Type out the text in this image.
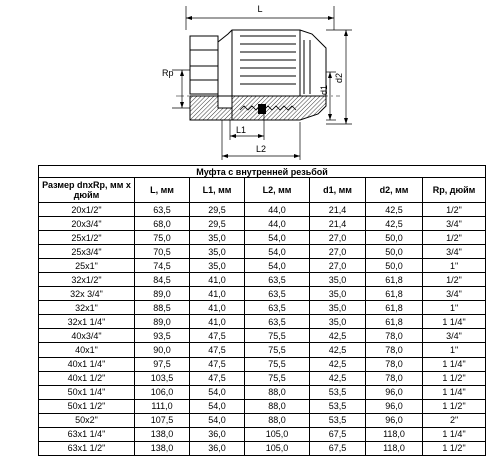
L
Rp
d1
d2
L1
L2
Муфта с внутренней резьбой						
Размер dnxRp, мм x дюйм	L, мм	L1, мм	L2, мм	d1, мм	d2, мм	Rp, дюйм
20x1/2"	63,5	29,5	44,0	21,4	42,5	1/2"
20x3/4"	68,0	29,5	44,0	21,4	42,5	3/4"
25x1/2"	75,0	35,0	54,0	27,0	50,0	1/2"
25x3/4"	70,5	35,0	54,0	27,0	50,0	3/4"
25x1"	74,5	35,0	54,0	27,0	50,0	1"
32x1/2"	84,5	41,0	63,5	35,0	61,8	1/2"
32x 3/4"	89,0	41,0	63,5	35,0	61,8	3/4"
32x1"	88,5	41,0	63,5	35,0	61,8	1"
32x1 1/4"	89,0	41,0	63,5	35,0	61,8	1 1/4"
40x3/4"	93,5	47,5	75,5	42,5	78,0	3/4"
40x1"	90,0	47,5	75,5	42,5	78,0	1"
40x1 1/4"	97,5	47,5	75,5	42,5	78,0	1 1/4"
40x1 1/2"	103,5	47,5	75,5	42,5	78,0	1 1/2"
50x1 1/4"	106,0	54,0	88,0	53,5	96,0	1 1/4"
50x1 1/2"	111,0	54,0	88,0	53,5	96,0	1 1/2"
50x2"	107,5	54,0	88,0	53,5	96,0	2"
63x1 1/4"	138,0	36,0	105,0	67,5	118,0	1 1/4"
63x1 1/2"	138,0	36,0	105,0	67,5	118,0	1 1/2"
